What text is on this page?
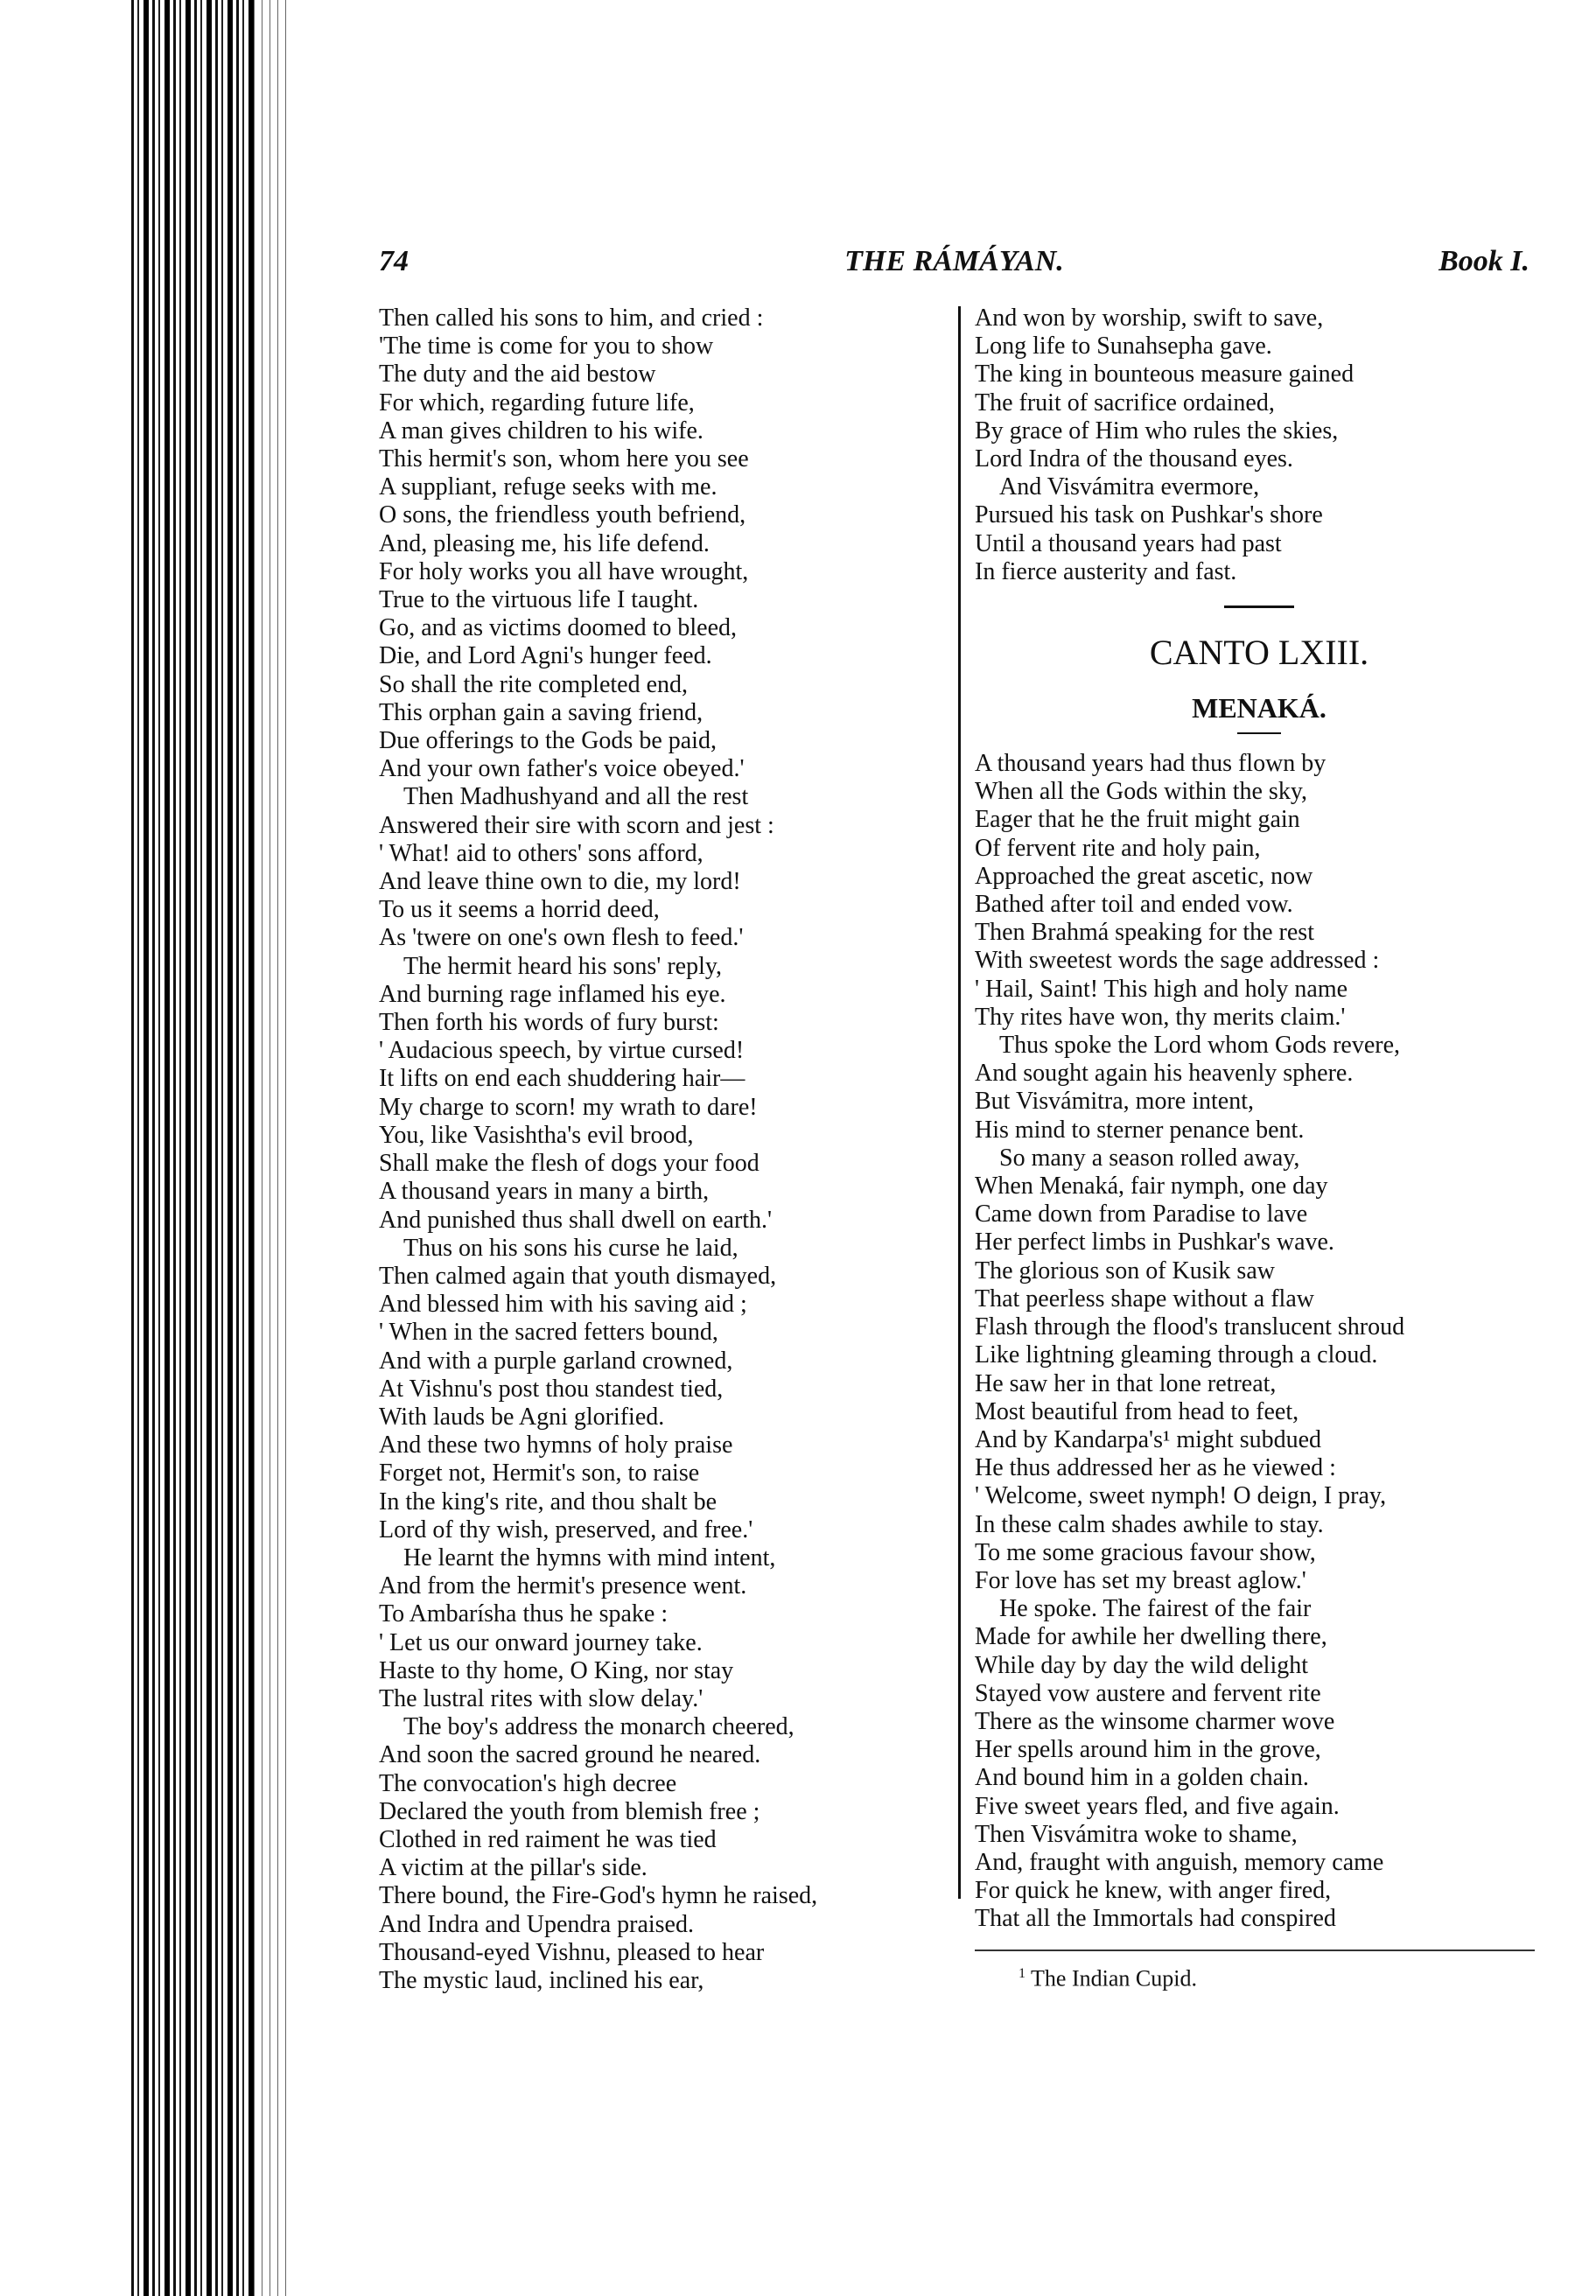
74	THE RÁMÁYAN.	Book I.
Then called his sons to him, and cried :
'The time is come for you to show
The duty and the aid bestow
For which, regarding future life,
A man gives children to his wife.
This hermit's son, whom here you see
A suppliant, refuge seeks with me.
O sons, the friendless youth befriend,
And, pleasing me, his life defend.
For holy works you all have wrought,
True to the virtuous life I taught.
Go, and as victims doomed to bleed,
Die, and Lord Agni's hunger feed.
So shall the rite completed end,
This orphan gain a saving friend,
Due offerings to the Gods be paid,
And your own father's voice obeyed.'
Then Madhushyand and all the rest
Answered their sire with scorn and jest :
' What! aid to others' sons afford,
And leave thine own to die, my lord!
To us it seems a horrid deed,
As 'twere on one's own flesh to feed.'
The hermit heard his sons' reply,
And burning rage inflamed his eye.
Then forth his words of fury burst:
' Audacious speech, by virtue cursed!
It lifts on end each shuddering hair—
My charge to scorn! my wrath to dare!
You, like Vasishtha's evil brood,
Shall make the flesh of dogs your food
A thousand years in many a birth,
And punished thus shall dwell on earth.'
Thus on his sons his curse he laid,
Then calmed again that youth dismayed,
And blessed him with his saving aid ;
' When in the sacred fetters bound,
And with a purple garland crowned,
At Vishnu's post thou standest tied,
With lauds be Agni glorified.
And these two hymns of holy praise
Forget not, Hermit's son, to raise
In the king's rite, and thou shalt be
Lord of thy wish, preserved, and free.'
He learnt the hymns with mind intent,
And from the hermit's presence went.
To Ambarísha thus he spake :
' Let us our onward journey take.
Haste to thy home, O King, nor stay
The lustral rites with slow delay.'
The boy's address the monarch cheered,
And soon the sacred ground he neared.
The convocation's high decree
Declared the youth from blemish free ;
Clothed in red raiment he was tied
A victim at the pillar's side.
There bound, the Fire-God's hymn he raised,
And Indra and Upendra praised.
Thousand-eyed Vishnu, pleased to hear
The mystic laud, inclined his ear,
And won by worship, swift to save,
Long life to Sunahsepha gave.
The king in bounteous measure gained
The fruit of sacrifice ordained,
By grace of Him who rules the skies,
Lord Indra of the thousand eyes.
And Visvámitra evermore,
Pursued his task on Pushkar's shore
Until a thousand years had past
In fierce austerity and fast.
CANTO LXIII.
MENAKÁ.
A thousand years had thus flown by
When all the Gods within the sky,
Eager that he the fruit might gain
Of fervent rite and holy pain,
Approached the great ascetic, now
Bathed after toil and ended vow.
Then Brahmá speaking for the rest
With sweetest words the sage addressed :
' Hail, Saint! This high and holy name
Thy rites have won, thy merits claim.'
Thus spoke the Lord whom Gods revere,
And sought again his heavenly sphere.
But Visvámitra, more intent,
His mind to sterner penance bent.
So many a season rolled away,
When Menaká, fair nymph, one day
Came down from Paradise to lave
Her perfect limbs in Pushkar's wave.
The glorious son of Kusik saw
That peerless shape without a flaw
Flash through the flood's translucent shroud
Like lightning gleaming through a cloud.
He saw her in that lone retreat,
Most beautiful from head to feet,
And by Kandarpa's¹ might subdued
He thus addressed her as he viewed :
' Welcome, sweet nymph! O deign, I pray,
In these calm shades awhile to stay.
To me some gracious favour show,
For love has set my breast aglow.'
He spoke. The fairest of the fair
Made for awhile her dwelling there,
While day by day the wild delight
Stayed vow austere and fervent rite
There as the winsome charmer wove
Her spells around him in the grove,
And bound him in a golden chain.
Five sweet years fled, and five again.
Then Visvámitra woke to shame,
And, fraught with anguish, memory came
For quick he knew, with anger fired,
That all the Immortals had conspired
$^1$ The Indian Cupid.
